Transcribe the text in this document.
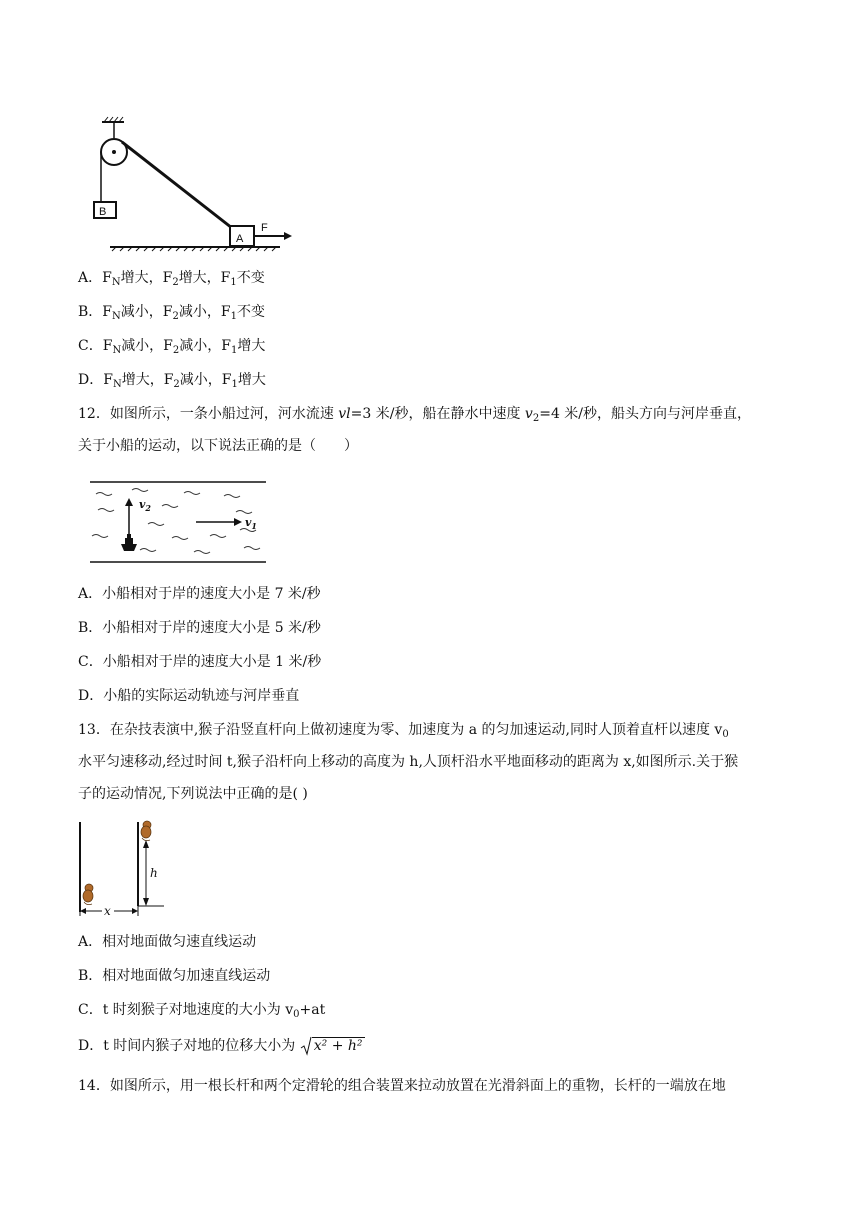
B
A
F
A．$F_N$增大，$F_2$增大，$F_1$不变
B．$F_N$减小，$F_2$减小，$F_1$不变
C．$F_N$减小，$F_2$减小，$F_1$增大
D．$F_N$增大，$F_2$减小，$F_1$增大
12．如图所示，一条小船过河，河水流速 vl=3 米/秒，船在静水中速度 $v_2=4$ 米/秒，船头方向与河岸垂直，
关于小船的运动，以下说法正确的是（　　）
$v_2$
$v_1$
A．小船相对于岸的速度大小是 7 米/秒
B．小船相对于岸的速度大小是 5 米/秒
C．小船相对于岸的速度大小是 1 米/秒
D．小船的实际运动轨迹与河岸垂直
13．在杂技表演中,猴子沿竖直杆向上做初速度为零、加速度为 a 的匀加速运动,同时人顶着直杆以速度 $v_0$
水平匀速移动,经过时间 t,猴子沿杆向上移动的高度为 h,人顶杆沿水平地面移动的距离为 x,如图所示.关于猴
子的运动情况,下列说法中正确的是( )
h
x
A．相对地面做匀速直线运动
B．相对地面做匀加速直线运动
C．t 时刻猴子对地速度的大小为 $v_0+at$
D．t 时间内猴子对地的位移大小为
x² + h²
14．如图所示，用一根长杆和两个定滑轮的组合装置来拉动放置在光滑斜面上的重物，长杆的一端放在地
